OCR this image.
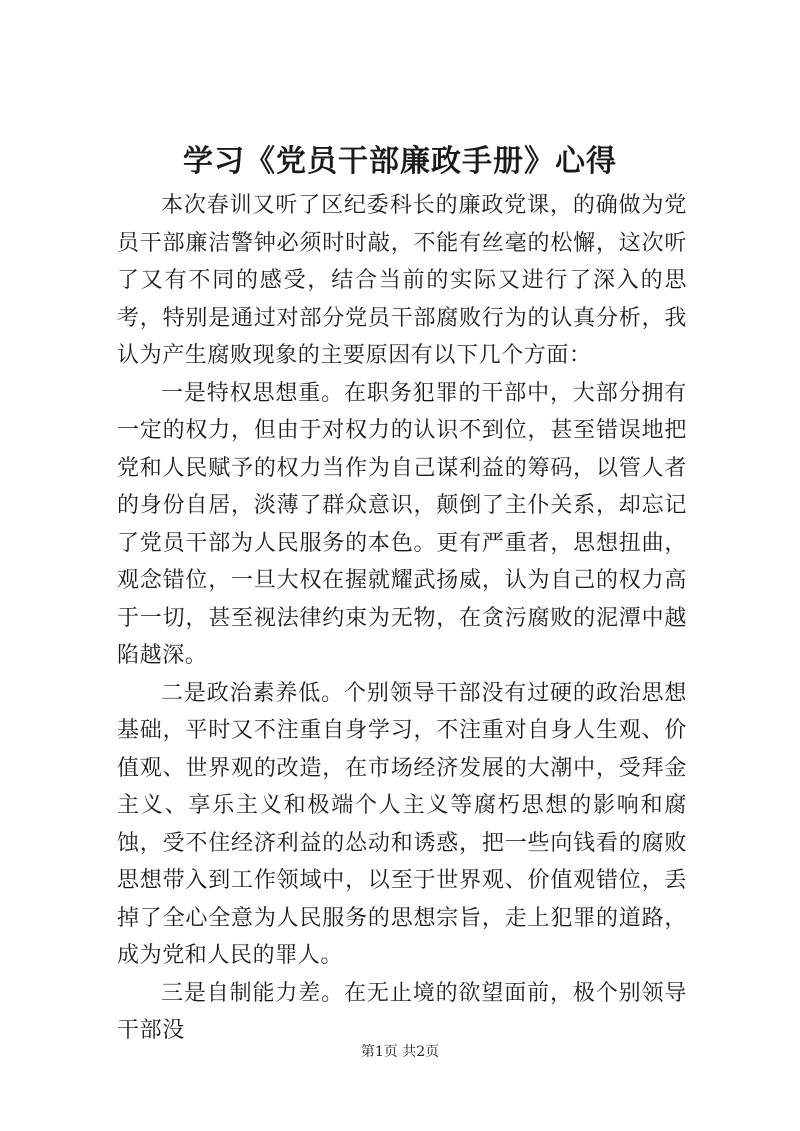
学习《党员干部廉政手册》心得

本次春训又听了区纪委科长的廉政党课，的确做为党员干部廉洁警钟必须时时敲，不能有丝毫的松懈，这次听了又有不同的感受，结合当前的实际又进行了深入的思考，特别是通过对部分党员干部腐败行为的认真分析，我认为产生腐败现象的主要原因有以下几个方面：

一是特权思想重。在职务犯罪的干部中，大部分拥有一定的权力，但由于对权力的认识不到位，甚至错误地把党和人民赋予的权力当作为自己谋利益的筹码，以管人者的身份自居，淡薄了群众意识，颠倒了主仆关系，却忘记了党员干部为人民服务的本色。更有严重者，思想扭曲，观念错位，一旦大权在握就耀武扬威，认为自己的权力高于一切，甚至视法律约束为无物，在贪污腐败的泥潭中越陷越深。

二是政治素养低。个别领导干部没有过硬的政治思想基础，平时又不注重自身学习，不注重对自身人生观、价值观、世界观的改造，在市场经济发展的大潮中，受拜金主义、享乐主义和极端个人主义等腐朽思想的影响和腐蚀，受不住经济利益的怂动和诱惑，把一些向钱看的腐败思想带入到工作领域中，以至于世界观、价值观错位，丢掉了全心全意为人民服务的思想宗旨，走上犯罪的道路，成为党和人民的罪人。

三是自制能力差。在无止境的欲望面前，极个别领导干部没

第1页 共2页
